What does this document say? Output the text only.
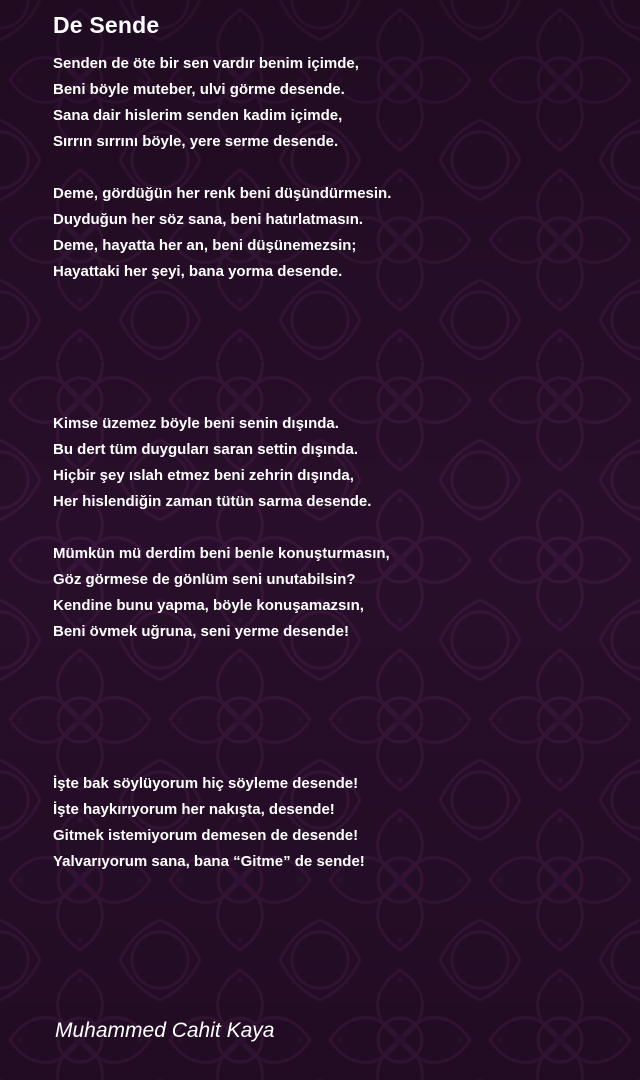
De Sende
Senden de öte bir sen vardır benim içimde,
Beni böyle muteber, ulvi görme desende.
Sana dair hislerim senden kadim içimde,
Sırrın sırrını böyle, yere serme desende.
Deme, gördüğün her renk beni düşündürmesin.
Duyduğun her söz sana, beni hatırlatmasın.
Deme, hayatta her an, beni düşünemezsin;
Hayattaki her şeyi, bana yorma desende.
Kimse üzemez böyle beni senin dışında.
Bu dert tüm duyguları saran settin dışında.
Hiçbir şey ıslah etmez beni zehrin dışında,
Her hislendiğin zaman tütün sarma desende.
Mümkün mü derdim beni benle konuşturmasın,
Göz görmese de gönlüm seni unutabilsin?
Kendine bunu yapma, böyle konuşamazsın,
Beni övmek uğruna, seni yerme desende!
İşte bak söylüyorum hiç söyleme desende!
İşte haykırıyorum her nakışta, desende!
Gitmek istemiyorum demesen de desende!
Yalvarıyorum sana, bana “Gitme” de sende!
Muhammed Cahit Kaya
